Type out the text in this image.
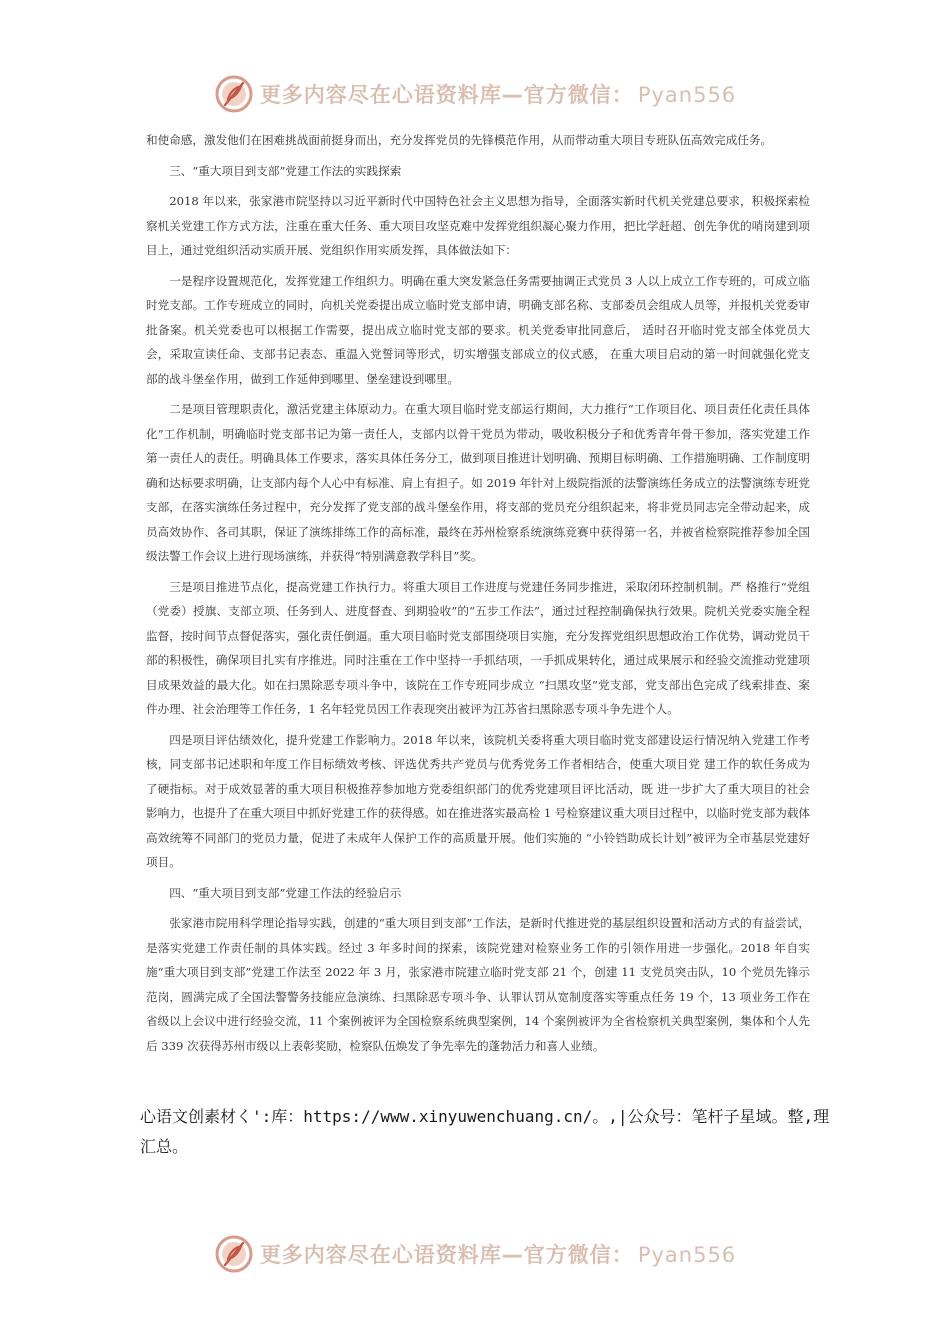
更多内容尽在心语资料库—官方微信： Pyan556

和使命感，激发他们在困难挑战面前挺身而出，充分发挥党员的先锋模范作用，从而带动重大项目专班队伍高效完成任务。

三、“重大项目到支部”党建工作法的实践探索

2018 年以来，张家港市院坚持以习近平新时代中国特色社会主义思想为指导，全面落实新时代机关党建总要求，积极探索检察机关党建工作方式方法，注重在重大任务、重大项目攻坚克难中发挥党组织凝心聚力作用，把比学赶超、创先争优的哨岗建到项目上，通过党组织活动实质开展、党组织作用实质发挥，具体做法如下：

一是程序设置规范化，发挥党建工作组织力。明确在重大突发紧急任务需要抽调正式党员 3 人以上成立工作专班的，可成立临时党支部。工作专班成立的同时，向机关党委提出成立临时党支部申请，明确支部名称、支部委员会组成人员等，并报机关党委审批备案。机关党委也可以根据工作需要，提出成立临时党支部的要求。机关党委审批同意后， 适时召开临时党支部全体党员大会，采取宣读任命、支部书记表态、重温入党誓词等形式，切实增强支部成立的仪式感， 在重大项目启动的第一时间就强化党支部的战斗堡垒作用，做到工作延伸到哪里、堡垒建设到哪里。

二是项目管理职责化，激活党建主体原动力。在重大项目临时党支部运行期间，大力推行“工作项目化、项目责任化责任具体化”工作机制，明确临时党支部书记为第一责任人，支部内以骨干党员为带动，吸收积极分子和优秀青年骨干参加，落实党建工作第一责任人的责任。明确具体工作要求，落实具体任务分工，做到项目推进计划明确、预期目标明确、工作措施明确、工作制度明确和达标要求明确，让支部内每个人心中有标准、肩上有担子。如 2019 年针对上级院指派的法警演练任务成立的法警演练专班党支部，在落实演练任务过程中，充分发挥了党支部的战斗堡垒作用，将支部的党员充分组织起来，将非党员同志完全带动起来，成员高效协作、各司其职，保证了演练排练工作的高标准，最终在苏州检察系统演练竞赛中获得第一名，并被省检察院推荐参加全国级法警工作会议上进行现场演练，并获得“特别满意教学科目”奖。

三是项目推进节点化，提高党建工作执行力。将重大项目工作进度与党建任务同步推进，采取闭环控制机制。严 格推行“党组（党委）授旗、支部立项、任务到人、进度督查、到期验收”的“五步工作法”，通过过程控制确保执行效果。院机关党委实施全程监督，按时间节点督促落实，强化责任倒逼。重大项目临时党支部围绕项目实施，充分发挥党组织思想政治工作优势，调动党员干部的积极性，确保项目扎实有序推进。同时注重在工作中坚持一手抓结项，一手抓成果转化，通过成果展示和经验交流推动党建项目成果效益的最大化。如在扫黑除恶专项斗争中，该院在工作专班同步成立 “扫黑攻坚”党支部，党支部出色完成了线索排查、案件办理、社会治理等工作任务，1 名年轻党员因工作表现突出被评为江苏省扫黑除恶专项斗争先进个人。

四是项目评估绩效化，提升党建工作影响力。2018 年以来，该院机关委将重大项目临时党支部建设运行情况纳入党建工作考核，同支部书记述职和年度工作目标绩效考核、评选优秀共产党员与优秀党务工作者相结合，使重大项目党 建工作的软任务成为了硬指标。对于成效显著的重大项目积极推荐参加地方党委组织部门的优秀党建项目评比活动，既 进一步扩大了重大项目的社会影响力，也提升了在重大项目中抓好党建工作的获得感。如在推进落实最高检 1 号检察建议重大项目过程中，以临时党支部为载体高效统筹不同部门的党员力量，促进了未成年人保护工作的高质量开展。他们实施的 “小铃铛助成长计划”被评为全市基层党建好项目。

四、“重大项目到支部”党建工作法的经验启示

张家港市院用科学理论指导实践，创建的“重大项目到支部”工作法，是新时代推进党的基层组织设置和活动方式的有益尝试，是落实党建工作责任制的具体实践。经过 3 年多时间的探索，该院党建对检察业务工作的引领作用进一步强化。2018 年自实施“重大项目到支部”党建工作法至 2022 年 3 月，张家港市院建立临时党支部 21 个，创建 11 支党员突击队，10 个党员先锋示范岗，圆满完成了全国法警警务技能应急演练、扫黑除恶专项斗争、认罪认罚从宽制度落实等重点任务 19 个，13 项业务工作在省级以上会议中进行经验交流，11 个案例被评为全国检察系统典型案例，14 个案例被评为全省检察机关典型案例，集体和个人先后 339 次获得苏州市级以上表彰奖励，检察队伍焕发了争先率先的蓬勃活力和喜人业绩。

心语文创素材く':库：https://www.xinyuwenchuang.cn/。,|公众号：笔杆子星域。整,理汇总。
更多内容尽在心语资料库—官方微信： Pyan556
